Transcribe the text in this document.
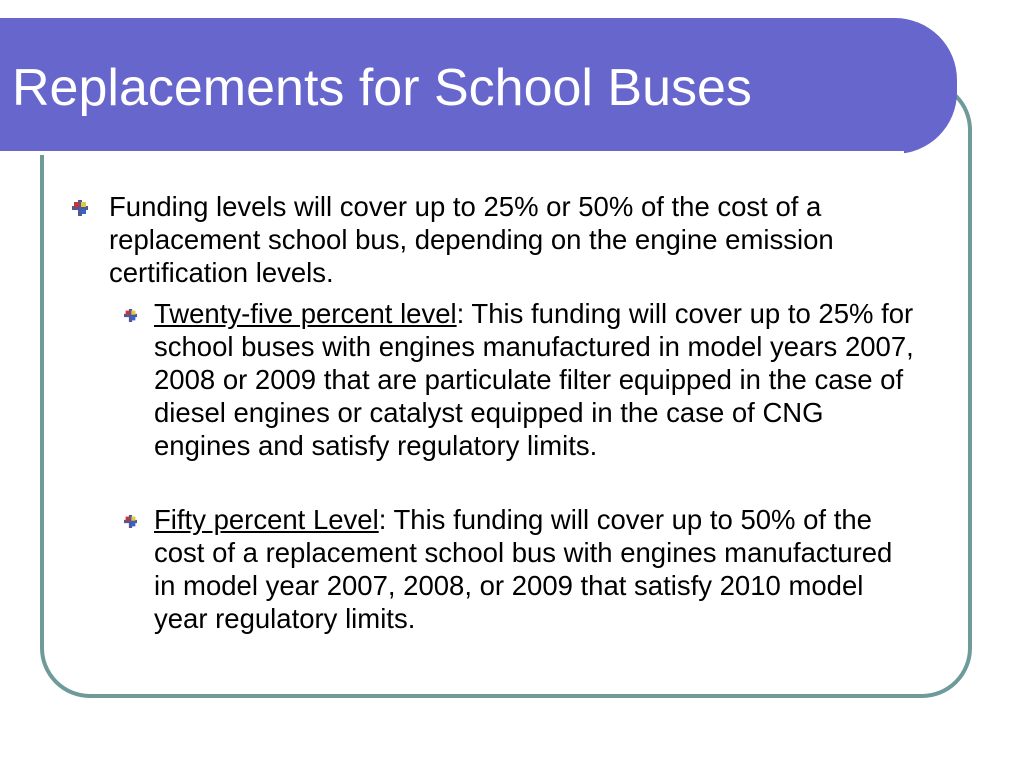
Replacements for School Buses

Funding levels will cover up to 25% or 50% of the cost of a replacement school bus, depending on the engine emission certification levels.

Twenty-five percent level: This funding will cover up to 25% for school buses with engines manufactured in model years 2007, 2008 or 2009 that are particulate filter equipped in the case of diesel engines or catalyst equipped in the case of CNG engines and satisfy regulatory limits.

Fifty percent Level: This funding will cover up to 50% of the cost of a replacement school bus with engines manufactured in model year 2007, 2008, or 2009 that satisfy 2010 model year regulatory limits.
